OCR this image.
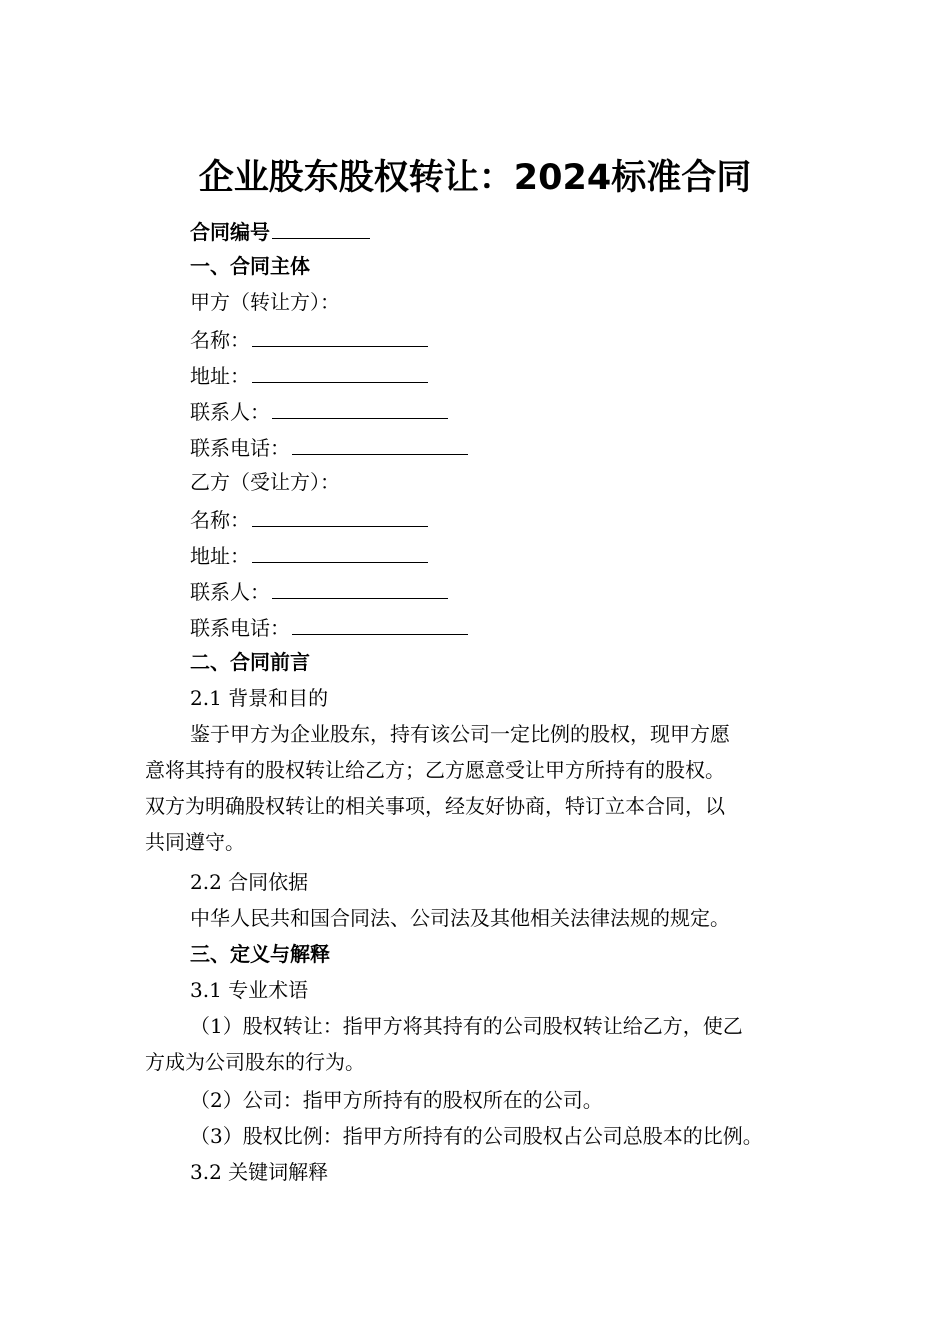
企业股东股权转让：2024标准合同
合同编号
一、合同主体
甲方（转让方）：
名称：
地址：
联系人：
联系电话：
乙方（受让方）：
名称：
地址：
联系人：
联系电话：
二、合同前言
2.1 背景和目的
鉴于甲方为企业股东，持有该公司一定比例的股权，现甲方愿
意将其持有的股权转让给乙方；乙方愿意受让甲方所持有的股权。
双方为明确股权转让的相关事项，经友好协商，特订立本合同，以
共同遵守。
2.2 合同依据
中华人民共和国合同法、公司法及其他相关法律法规的规定。
三、定义与解释
3.1 专业术语
（1）股权转让：指甲方将其持有的公司股权转让给乙方，使乙
方成为公司股东的行为。
（2）公司：指甲方所持有的股权所在的公司。
（3）股权比例：指甲方所持有的公司股权占公司总股本的比例。
3.2 关键词解释
